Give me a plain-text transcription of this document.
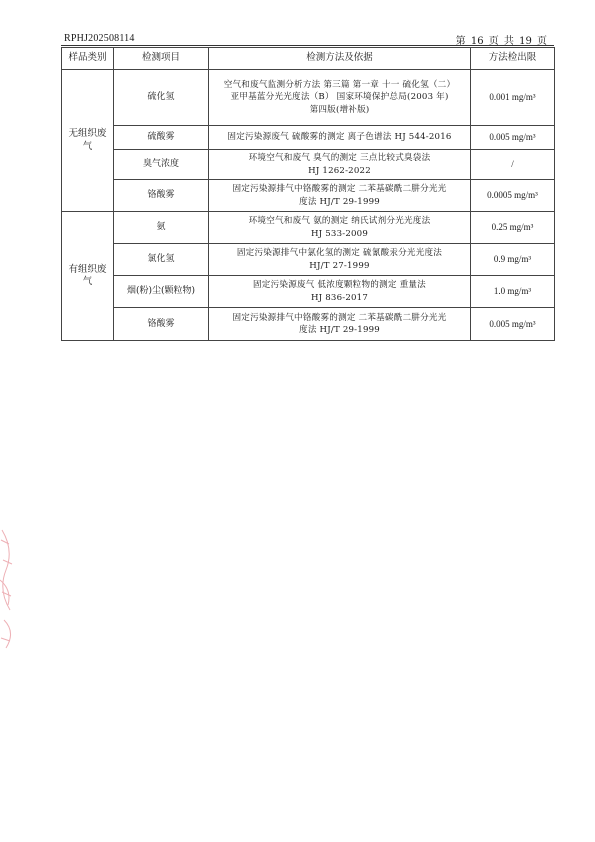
RPHJ202508114	第 16 页 共 19 页
样品类别	检测项目	检测方法及依据	方法检出限
无组织废气	硫化氢	空气和废气监测分析方法 第三篇 第一章 十一 硫化氢（二）
亚甲基蓝分光光度法（B） 国家环境保护总局(2003 年)
第四版(增补版)	0.001 mg/m³
	硫酸雾	固定污染源废气 硫酸雾的测定 离子色谱法 HJ 544-2016	0.005 mg/m³
	臭气浓度	环境空气和废气 臭气的测定 三点比较式臭袋法
HJ 1262-2022	/
	铬酸雾	固定污染源排气中铬酸雾的测定 二苯基碳酰二肼分光光
度法 HJ/T 29-1999	0.0005 mg/m³
有组织废气	氨	环境空气和废气 氨的测定 纳氏试剂分光光度法
HJ 533-2009	0.25 mg/m³
	氯化氢	固定污染源排气中氯化氢的测定 硫氰酸汞分光光度法
HJ/T 27-1999	0.9 mg/m³
	烟(粉)尘(颗粒物)	固定污染源废气 低浓度颗粒物的测定 重量法
HJ 836-2017	1.0 mg/m³
	铬酸雾	固定污染源排气中铬酸雾的测定 二苯基碳酰二肼分光光
度法 HJ/T 29-1999	0.005 mg/m³
